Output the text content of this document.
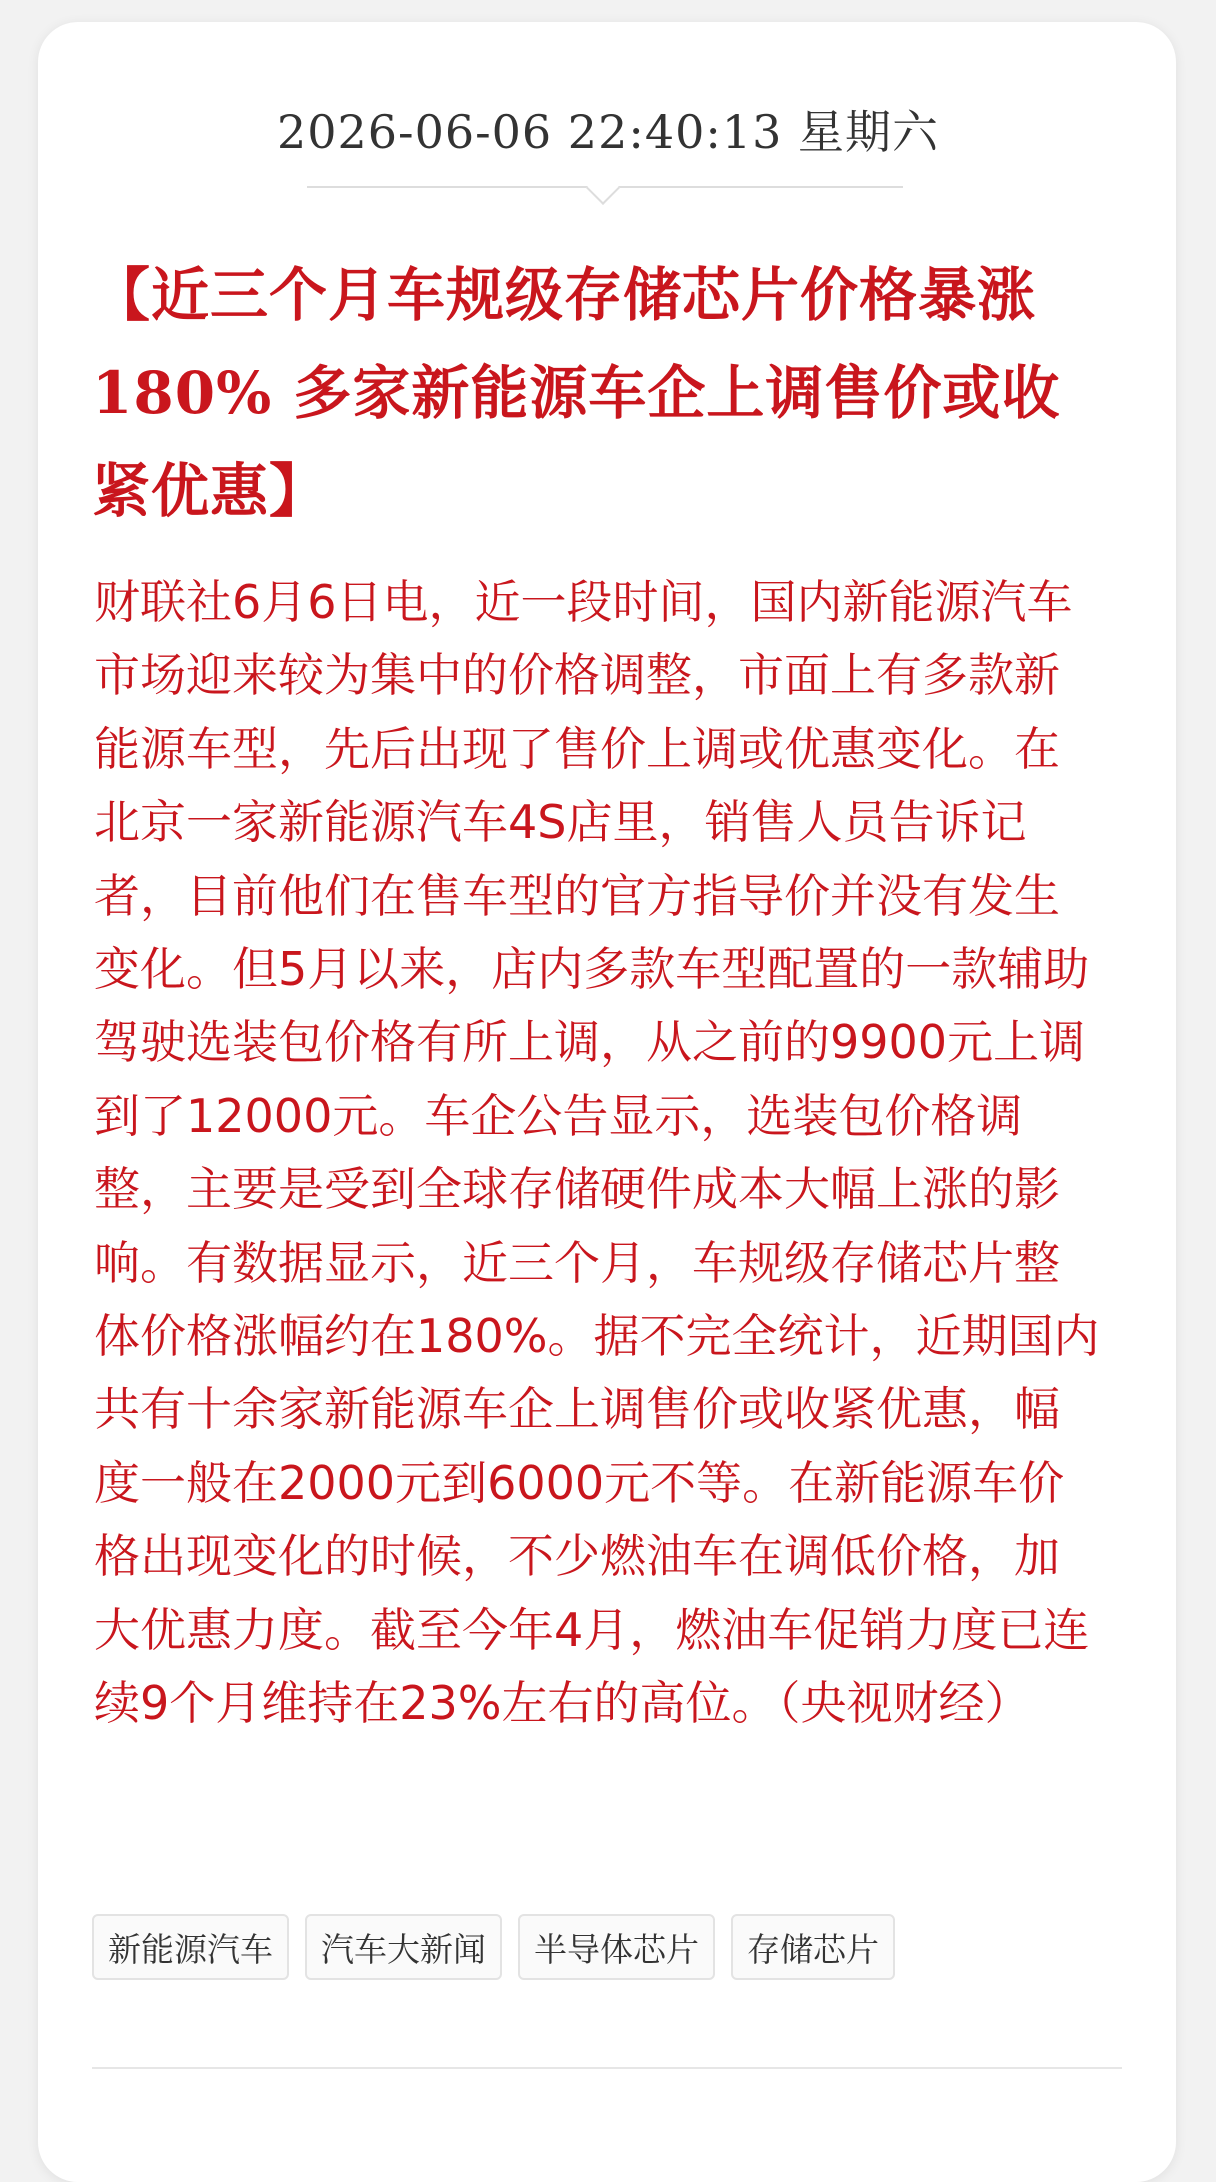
2026-06-06 22:40:13 星期六
【近三个月车规级存储芯片价格暴涨180% 多家新能源车企上调售价或收紧优惠】

财联社6月6日电，近一段时间，国内新能源汽车市场迎来较为集中的价格调整，市面上有多款新能源车型，先后出现了售价上调或优惠变化。在北京一家新能源汽车4S店里，销售人员告诉记者，目前他们在售车型的官方指导价并没有发生变化。但5月以来，店内多款车型配置的一款辅助驾驶选装包价格有所上调，从之前的9900元上调到了12000元。车企公告显示，选装包价格调整，主要是受到全球存储硬件成本大幅上涨的影响。有数据显示，近三个月，车规级存储芯片整体价格涨幅约在180%。据不完全统计，近期国内共有十余家新能源车企上调售价或收紧优惠，幅度一般在2000元到6000元不等。在新能源车价格出现变化的时候，不少燃油车在调低价格，加大优惠力度。截至今年4月，燃油车促销力度已连续9个月维持在23%左右的高位。（央视财经）

新能源汽车	汽车大新闻	半导体芯片	存储芯片
